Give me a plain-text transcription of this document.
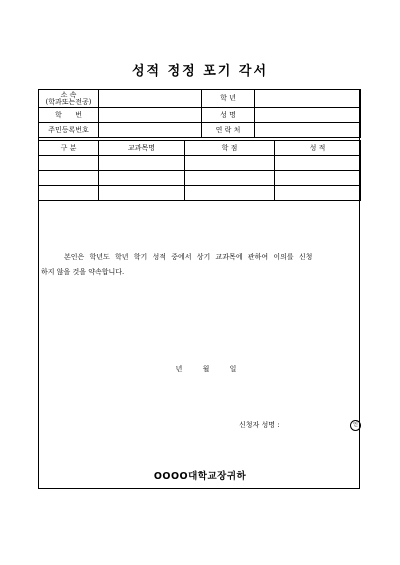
성적 정정 포기 각서
소 속
(학과또는전공)		학 년	

학 번		성 명	
주민등록번호		연 락 처	
구 분	교과목명	학 점	성 적

본인은 학년도 학년 학기 성적 중에서 상기 교과목에 관하여 이의를 신청
하지 않을 것을 약속합니다.
년	월	일
신청자 성명 :	인
OOOO대학교장귀하
